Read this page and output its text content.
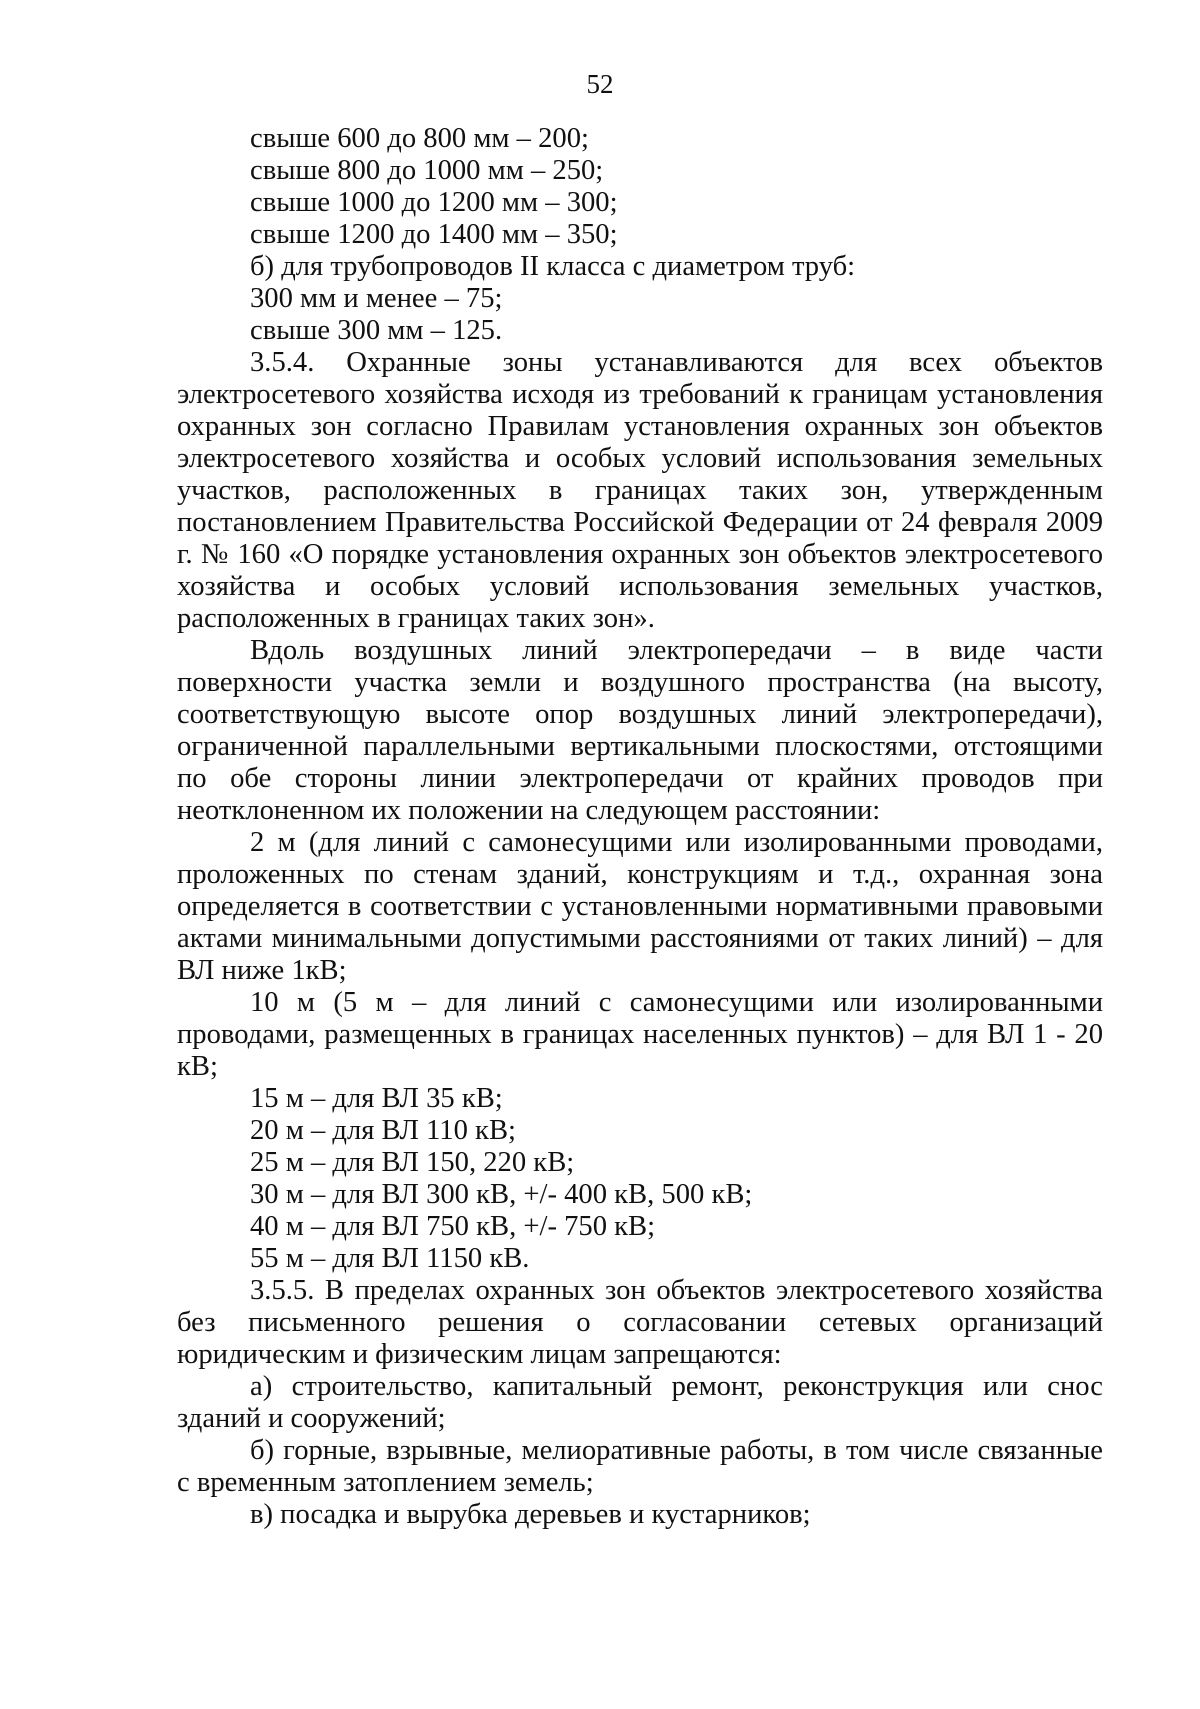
52

свыше 600 до 800 мм – 200;

свыше 800 до 1000 мм – 250;

свыше 1000 до 1200 мм – 300;

свыше 1200 до 1400 мм – 350;

б) для трубопроводов II класса с диаметром труб:

300 мм и менее – 75;

свыше 300 мм – 125.

3.5.4. Охранные зоны устанавливаются для всех объектов электросетевого хозяйства исходя из требований к границам установления охранных зон согласно Правилам установления охранных зон объектов электросетевого хозяйства и особых условий использования земельных участков, расположенных в границах таких зон, утвержденным постановлением Правительства Российской Федерации от 24 февраля 2009 г. № 160 «О порядке установления охранных зон объектов электросетевого хозяйства и особых условий использования земельных участков, расположенных в границах таких зон».

Вдоль воздушных линий электропередачи – в виде части поверхности участка земли и воздушного пространства (на высоту, соответствующую высоте опор воздушных линий электропередачи), ограниченной параллельными вертикальными плоскостями, отстоящими по обе стороны линии электропередачи от крайних проводов при неотклоненном их положении на следующем расстоянии:

2 м (для линий с самонесущими или изолированными проводами, проложенных по стенам зданий, конструкциям и т.д., охранная зона определяется в соответствии с установленными нормативными правовыми актами минимальными допустимыми расстояниями от таких линий) – для ВЛ ниже 1кВ;

10 м (5 м – для линий с самонесущими или изолированными проводами, размещенных в границах населенных пунктов) – для ВЛ 1 - 20 кВ;

15 м – для ВЛ 35 кВ;

20 м – для ВЛ 110 кВ;

25 м – для ВЛ 150, 220 кВ;

30 м – для ВЛ 300 кВ, +/- 400 кВ, 500 кВ;

40 м – для ВЛ 750 кВ, +/- 750 кВ;

55 м – для ВЛ 1150 кВ.

3.5.5. В пределах охранных зон объектов электросетевого хозяйства без письменного решения о согласовании сетевых организаций юридическим и физическим лицам запрещаются:

а) строительство, капитальный ремонт, реконструкция или снос зданий и сооружений;

б) горные, взрывные, мелиоративные работы, в том числе связанные с временным затоплением земель;

в) посадка и вырубка деревьев и кустарников;
